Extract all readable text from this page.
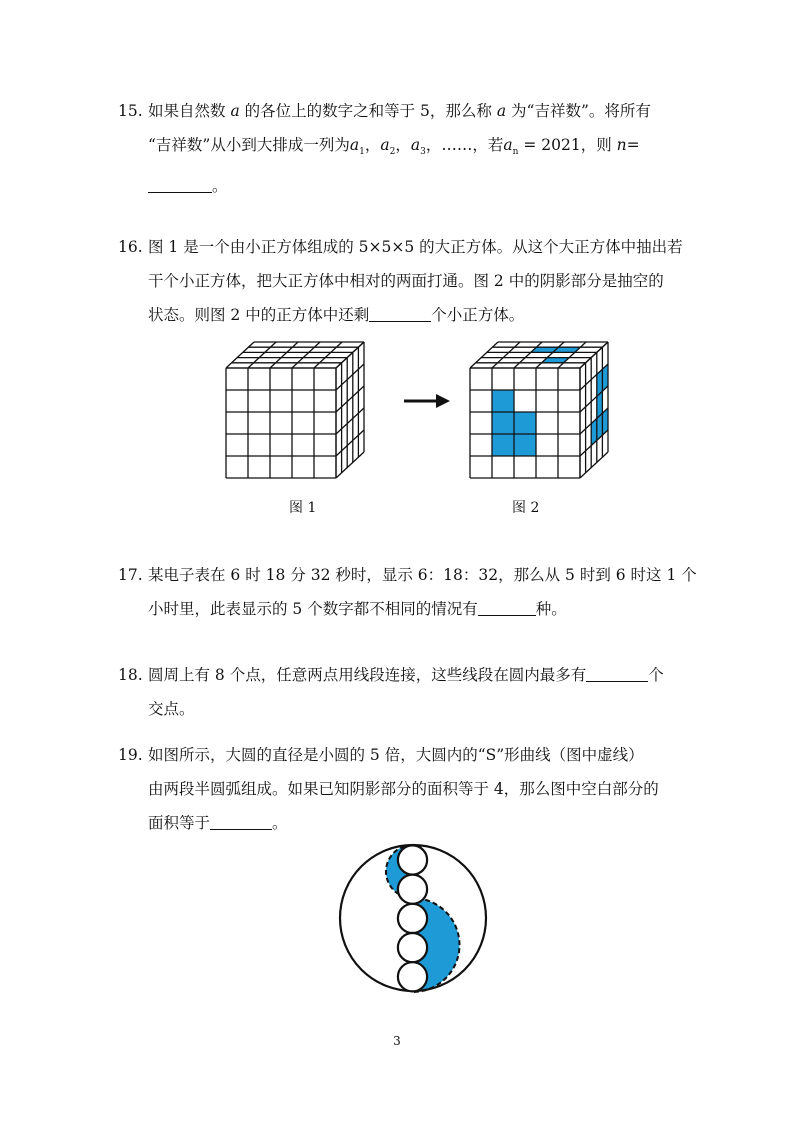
15. 如果自然数 a 的各位上的数字之和等于 5，那么称 a 为“吉祥数”。将所有
“吉祥数”从小到大排成一列为$a_1$，$a_2$，$a_3$，……，若$a_n = 2021$，则 n=
。
16. 图 1 是一个由小正方体组成的 5×5×5 的大正方体。从这个大正方体中抽出若
干个小正方体，把大正方体中相对的两面打通。图 2 中的阴影部分是抽空的
状态。则图 2 中的正方体中还剩	个小正方体。
图 1	图 2
17. 某电子表在 6 时 18 分 32 秒时，显示 6：18：32，那么从 5 时到 6 时这 1 个
小时里，此表显示的 5 个数字都不相同的情况有	种。
18. 圆周上有 8 个点，任意两点用线段连接，这些线段在圆内最多有	个
交点。
19. 如图所示，大圆的直径是小圆的 5 倍，大圆内的“S”形曲线（图中虚线）
由两段半圆弧组成。如果已知阴影部分的面积等于 4，那么图中空白部分的
面积等于	。
3
